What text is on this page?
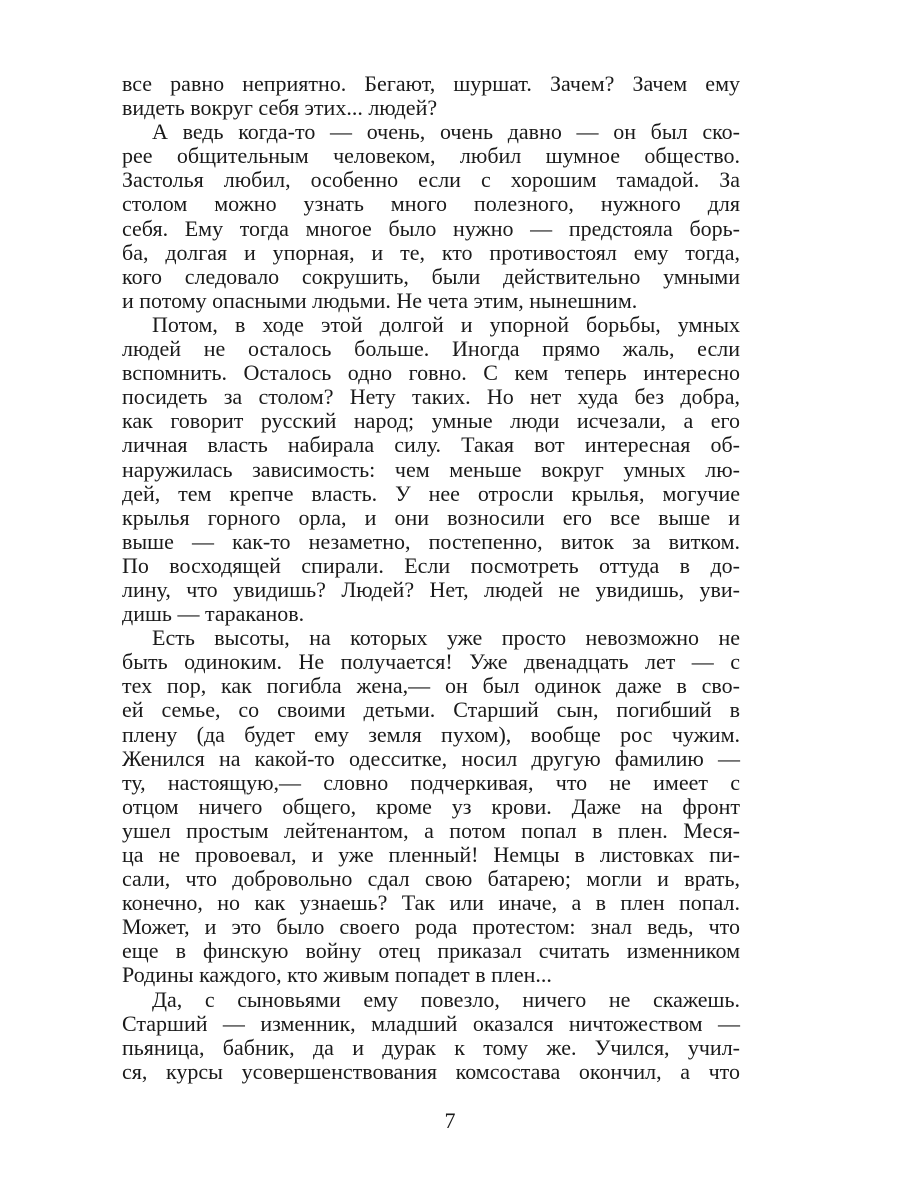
все равно неприятно. Бегают, шуршат. Зачем? Зачем ему
видеть вокруг себя этих... людей?
А ведь когда-то — очень, очень давно — он был ско-
рее общительным человеком, любил шумное общество.
Застолья любил, особенно если с хорошим тамадой. За
столом можно узнать много полезного, нужного для
себя. Ему тогда многое было нужно — предстояла борь-
ба, долгая и упорная, и те, кто противостоял ему тогда,
кого следовало сокрушить, были действительно умными
и потому опасными людьми. Не чета этим, нынешним.
Потом, в ходе этой долгой и упорной борьбы, умных
людей не осталось больше. Иногда прямо жаль, если
вспомнить. Осталось одно говно. С кем теперь интересно
посидеть за столом? Нету таких. Но нет худа без добра,
как говорит русский народ; умные люди исчезали, а его
личная власть набирала силу. Такая вот интересная об-
наружилась зависимость: чем меньше вокруг умных лю-
дей, тем крепче власть. У нее отросли крылья, могучие
крылья горного орла, и они возносили его все выше и
выше — как-то незаметно, постепенно, виток за витком.
По восходящей спирали. Если посмотреть оттуда в до-
лину, что увидишь? Людей? Нет, людей не увидишь, уви-
дишь — тараканов.
Есть высоты, на которых уже просто невозможно не
быть одиноким. Не получается! Уже двенадцать лет — с
тех пор, как погибла жена,— он был одинок даже в сво-
ей семье, со своими детьми. Старший сын, погибший в
плену (да будет ему земля пухом), вообще рос чужим.
Женился на какой-то одесситке, носил другую фамилию —
ту, настоящую,— словно подчеркивая, что не имеет с
отцом ничего общего, кроме уз крови. Даже на фронт
ушел простым лейтенантом, а потом попал в плен. Меся-
ца не провоевал, и уже пленный! Немцы в листовках пи-
сали, что добровольно сдал свою батарею; могли и врать,
конечно, но как узнаешь? Так или иначе, а в плен попал.
Может, и это было своего рода протестом: знал ведь, что
еще в финскую войну отец приказал считать изменником
Родины каждого, кто живым попадет в плен...
Да, с сыновьями ему повезло, ничего не скажешь.
Старший — изменник, младший оказался ничтожеством —
пьяница, бабник, да и дурак к тому же. Учился, учил-
ся, курсы усовершенствования комсостава окончил, а что
7
